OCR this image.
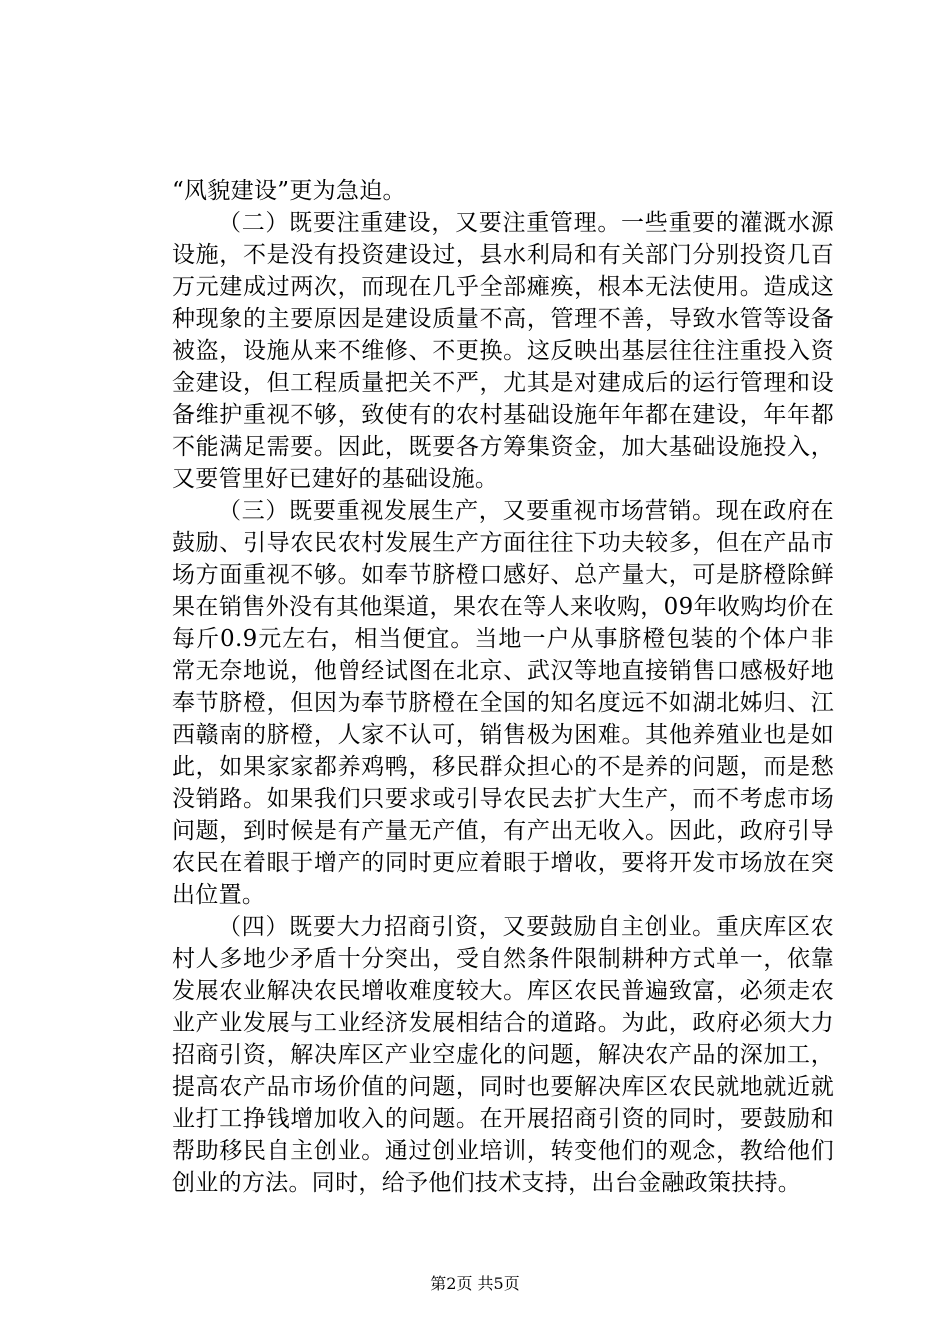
“风貌建设”更为急迫。

（二）既要注重建设，又要注重管理。一些重要的灌溉水源设施，不是没有投资建设过，县水利局和有关部门分别投资几百万元建成过两次，而现在几乎全部瘫痪，根本无法使用。造成这种现象的主要原因是建设质量不高，管理不善，导致水管等设备被盗，设施从来不维修、不更换。这反映出基层往往注重投入资金建设，但工程质量把关不严，尤其是对建成后的运行管理和设备维护重视不够，致使有的农村基础设施年年都在建设，年年都不能满足需要。因此，既要各方筹集资金，加大基础设施投入，又要管里好已建好的基础设施。

（三）既要重视发展生产，又要重视市场营销。现在政府在鼓励、引导农民农村发展生产方面往往下功夫较多，但在产品市场方面重视不够。如奉节脐橙口感好、总产量大，可是脐橙除鲜果在销售外没有其他渠道，果农在等人来收购，09年收购均价在每斤0.9元左右，相当便宜。当地一户从事脐橙包装的个体户非常无奈地说，他曾经试图在北京、武汉等地直接销售口感极好地奉节脐橙，但因为奉节脐橙在全国的知名度远不如湖北姊归、江西赣南的脐橙，人家不认可，销售极为困难。其他养殖业也是如此，如果家家都养鸡鸭，移民群众担心的不是养的问题，而是愁没销路。如果我们只要求或引导农民去扩大生产，而不考虑市场问题，到时候是有产量无产值，有产出无收入。因此，政府引导农民在着眼于增产的同时更应着眼于增收，要将开发市场放在突出位置。

（四）既要大力招商引资，又要鼓励自主创业。重庆库区农村人多地少矛盾十分突出，受自然条件限制耕种方式单一，依靠发展农业解决农民增收难度较大。库区农民普遍致富，必须走农业产业发展与工业经济发展相结合的道路。为此，政府必须大力招商引资，解决库区产业空虚化的问题，解决农产品的深加工，提高农产品市场价值的问题，同时也要解决库区农民就地就近就业打工挣钱增加收入的问题。在开展招商引资的同时，要鼓励和帮助移民自主创业。通过创业培训，转变他们的观念，教给他们创业的方法。同时，给予他们技术支持，出台金融政策扶持。

第2页 共5页
